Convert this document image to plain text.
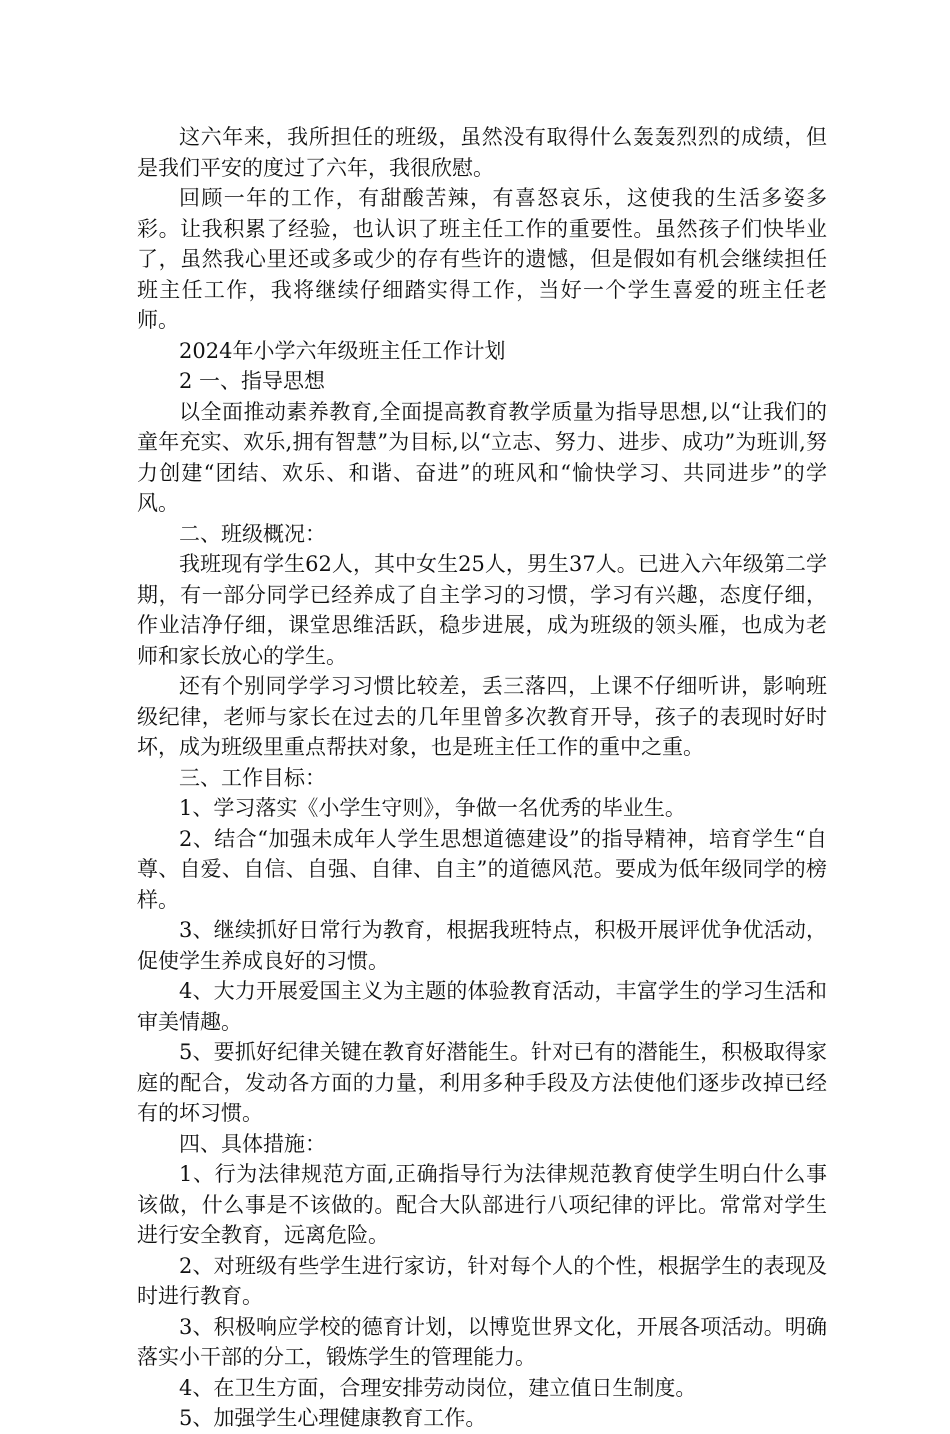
这六年来，我所担任的班级，虽然没有取得什么轰轰烈烈的成绩，但是我们平安的度过了六年，我很欣慰。

回顾一年的工作，有甜酸苦辣，有喜怒哀乐，这使我的生活多姿多彩。让我积累了经验，也认识了班主任工作的重要性。虽然孩子们快毕业了，虽然我心里还或多或少的存有些许的遗憾，但是假如有机会继续担任班主任工作，我将继续仔细踏实得工作，当好一个学生喜爱的班主任老师。

2024年小学六年级班主任工作计划

2 一、指导思想

以全面推动素养教育,全面提高教育教学质量为指导思想,以“让我们的童年充实、欢乐,拥有智慧”为目标,以“立志、努力、进步、成功”为班训,努力创建“团结、欢乐、和谐、奋进”的班风和“愉快学习、共同进步”的学风。

二、班级概况：

我班现有学生62人，其中女生25人，男生37人。已进入六年级第二学期，有一部分同学已经养成了自主学习的习惯，学习有兴趣，态度仔细，作业洁净仔细，课堂思维活跃，稳步进展，成为班级的领头雁，也成为老师和家长放心的学生。

还有个别同学学习习惯比较差，丢三落四，上课不仔细听讲，影响班级纪律，老师与家长在过去的几年里曾多次教育开导，孩子的表现时好时坏，成为班级里重点帮扶对象，也是班主任工作的重中之重。

三、工作目标：

1、学习落实《小学生守则》，争做一名优秀的毕业生。

2、结合“加强未成年人学生思想道德建设”的指导精神，培育学生“自尊、自爱、自信、自强、自律、自主”的道德风范。要成为低年级同学的榜样。

3、继续抓好日常行为教育，根据我班特点，积极开展评优争优活动，促使学生养成良好的习惯。

4、大力开展爱国主义为主题的体验教育活动，丰富学生的学习生活和审美情趣。

5、要抓好纪律关键在教育好潜能生。针对已有的潜能生，积极取得家庭的配合，发动各方面的力量，利用多种手段及方法使他们逐步改掉已经有的坏习惯。

四、具体措施：

1、行为法律规范方面,正确指导行为法律规范教育使学生明白什么事该做，什么事是不该做的。配合大队部进行八项纪律的评比。常常对学生进行安全教育，远离危险。

2、对班级有些学生进行家访，针对每个人的个性，根据学生的表现及时进行教育。

3、积极响应学校的德育计划，以博览世界文化，开展各项活动。明确落实小干部的分工，锻炼学生的管理能力。

4、在卫生方面，合理安排劳动岗位，建立值日生制度。

5、加强学生心理健康教育工作。
